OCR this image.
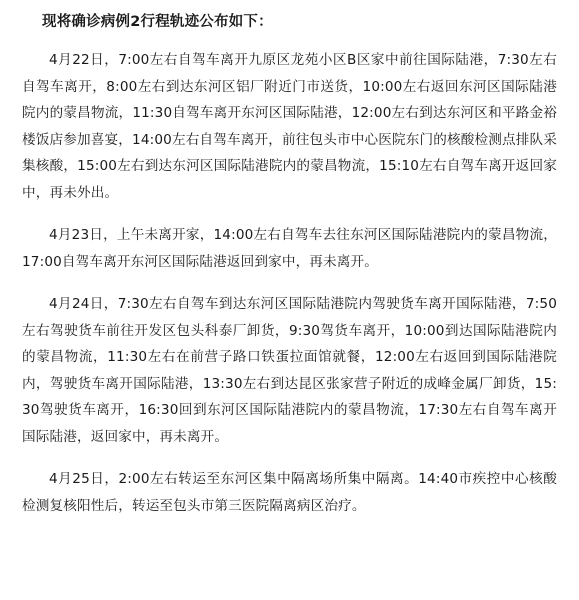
现将确诊病例2行程轨迹公布如下：

4月22日，7:00左右自驾车离开九原区龙苑小区B区家中前往国际陆港，7:30左右自驾车离开，8:00左右到达东河区铝厂附近门市送货，10:00左右返回东河区国际陆港院内的蒙昌物流，11:30自驾车离开东河区国际陆港，12:00左右到达东河区和平路金裕楼饭店参加喜宴，14:00左右自驾车离开，前往包头市中心医院东门的核酸检测点排队采集核酸，15:00左右到达东河区国际陆港院内的蒙昌物流，15:10左右自驾车离开返回家中，再未外出。

4月23日，上午未离开家，14:00左右自驾车去往东河区国际陆港院内的蒙昌物流，17:00自驾车离开东河区国际陆港返回到家中，再未离开。

4月24日，7:30左右自驾车到达东河区国际陆港院内驾驶货车离开国际陆港，7:50左右驾驶货车前往开发区包头科泰厂卸货，9:30驾货车离开，10:00到达国际陆港院内的蒙昌物流，11:30左右在前营子路口铁蛋拉面馆就餐，12:00左右返回到国际陆港院内，驾驶货车离开国际陆港，13:30左右到达昆区张家营子附近的成峰金属厂卸货，15:30驾驶货车离开，16:30回到东河区国际陆港院内的蒙昌物流，17:30左右自驾车离开国际陆港，返回家中，再未离开。

4月25日，2:00左右转运至东河区集中隔离场所集中隔离。14:40市疾控中心核酸检测复核阳性后，转运至包头市第三医院隔离病区治疗。
